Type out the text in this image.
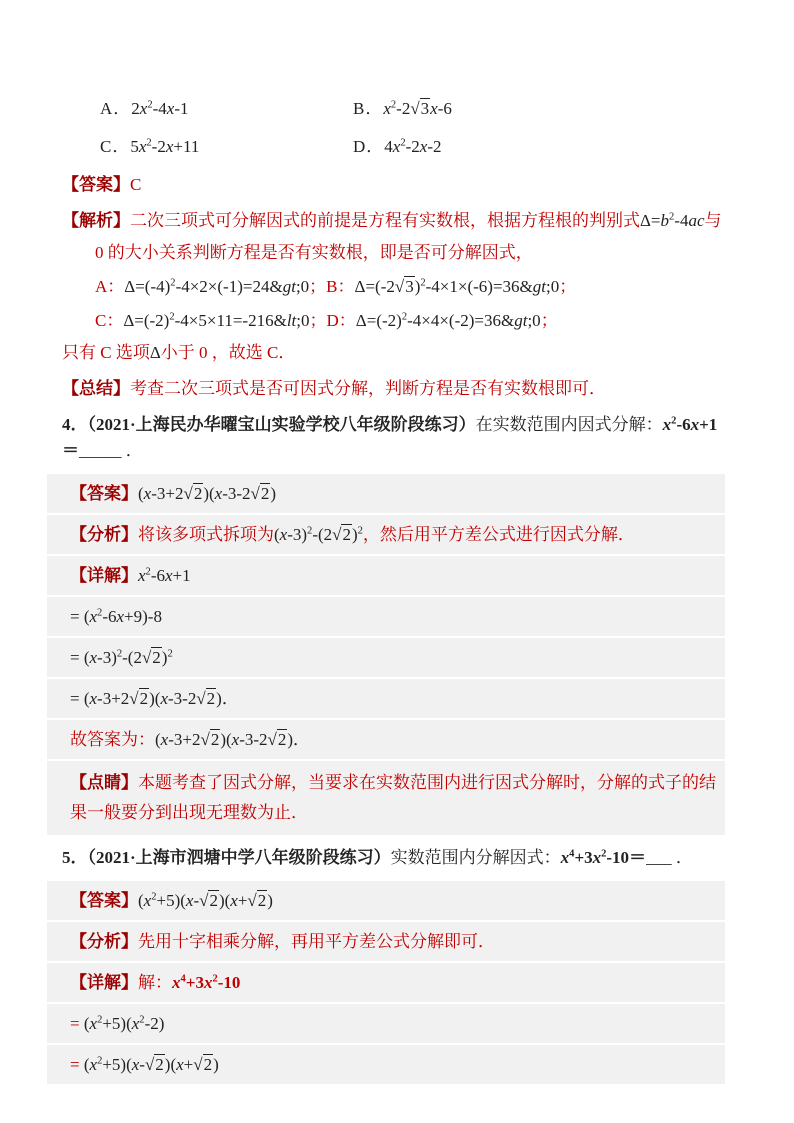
A．$2x^2-4x-1$	B．$x^2-2√3x-6$
C．$5x^2-2x+11$	D．$4x^2-2x-2$

【答案】C

【解析】二次三项式可分解因式的前提是方程有实数根，根据方程根的判别式$\Delta=b^2-4ac$与

0 的大小关系判断方程是否有实数根，即是否可分解因式，

A：$\Delta=(-4)^2-4\times 2\times(-1)=24\&gt;0$；B：$\Delta=(-2√3)^2-4\times 1\times(-6)=36\&gt;0$；

C：$\Delta=(-2)^2-4\times 5\times 11=-216\&lt;0$；D：$\Delta=(-2)^2-4\times 4\times(-2)=36\&gt;0$；

只有 C 选项Δ小于 0 ，故选 C．

【总结】考查二次三项式是否可因式分解，判断方程是否有实数根即可．

4．（2021·上海民办华曜宝山实验学校八年级阶段练习）在实数范围内因式分解：$x^2-6x+1=\_\_\_\_\_$ ．

【答案】(x-3+2√2)(x-3-2√2)

【分析】将该多项式拆项为$(x-3)^2-(2√2)^2$，然后用平方差公式进行因式分解．

【详解】$x^2-6x+1$

= $(x^2-6x+9)-8$

= $(x-3)^2-(2√2)^2$

= (x-3+2√2)(x-3-2√2)．

故答案为：(x-3+2√2)(x-3-2√2)．

【点睛】本题考查了因式分解，当要求在实数范围内进行因式分解时，分解的式子的结果一般要分到出现无理数为止．

5．（2021·上海市泗塘中学八年级阶段练习）实数范围内分解因式：$x^4+3x^2-10=\_\_\_$ ．

【答案】$(x^2+5)(x-√2)(x+√2)$

【分析】先用十字相乘分解，再用平方差公式分解即可．

【详解】解：$x^4+3x^2-10$

= $(x^2+5)(x^2-2)$

= $(x^2+5)(x-√2)(x+√2)$
